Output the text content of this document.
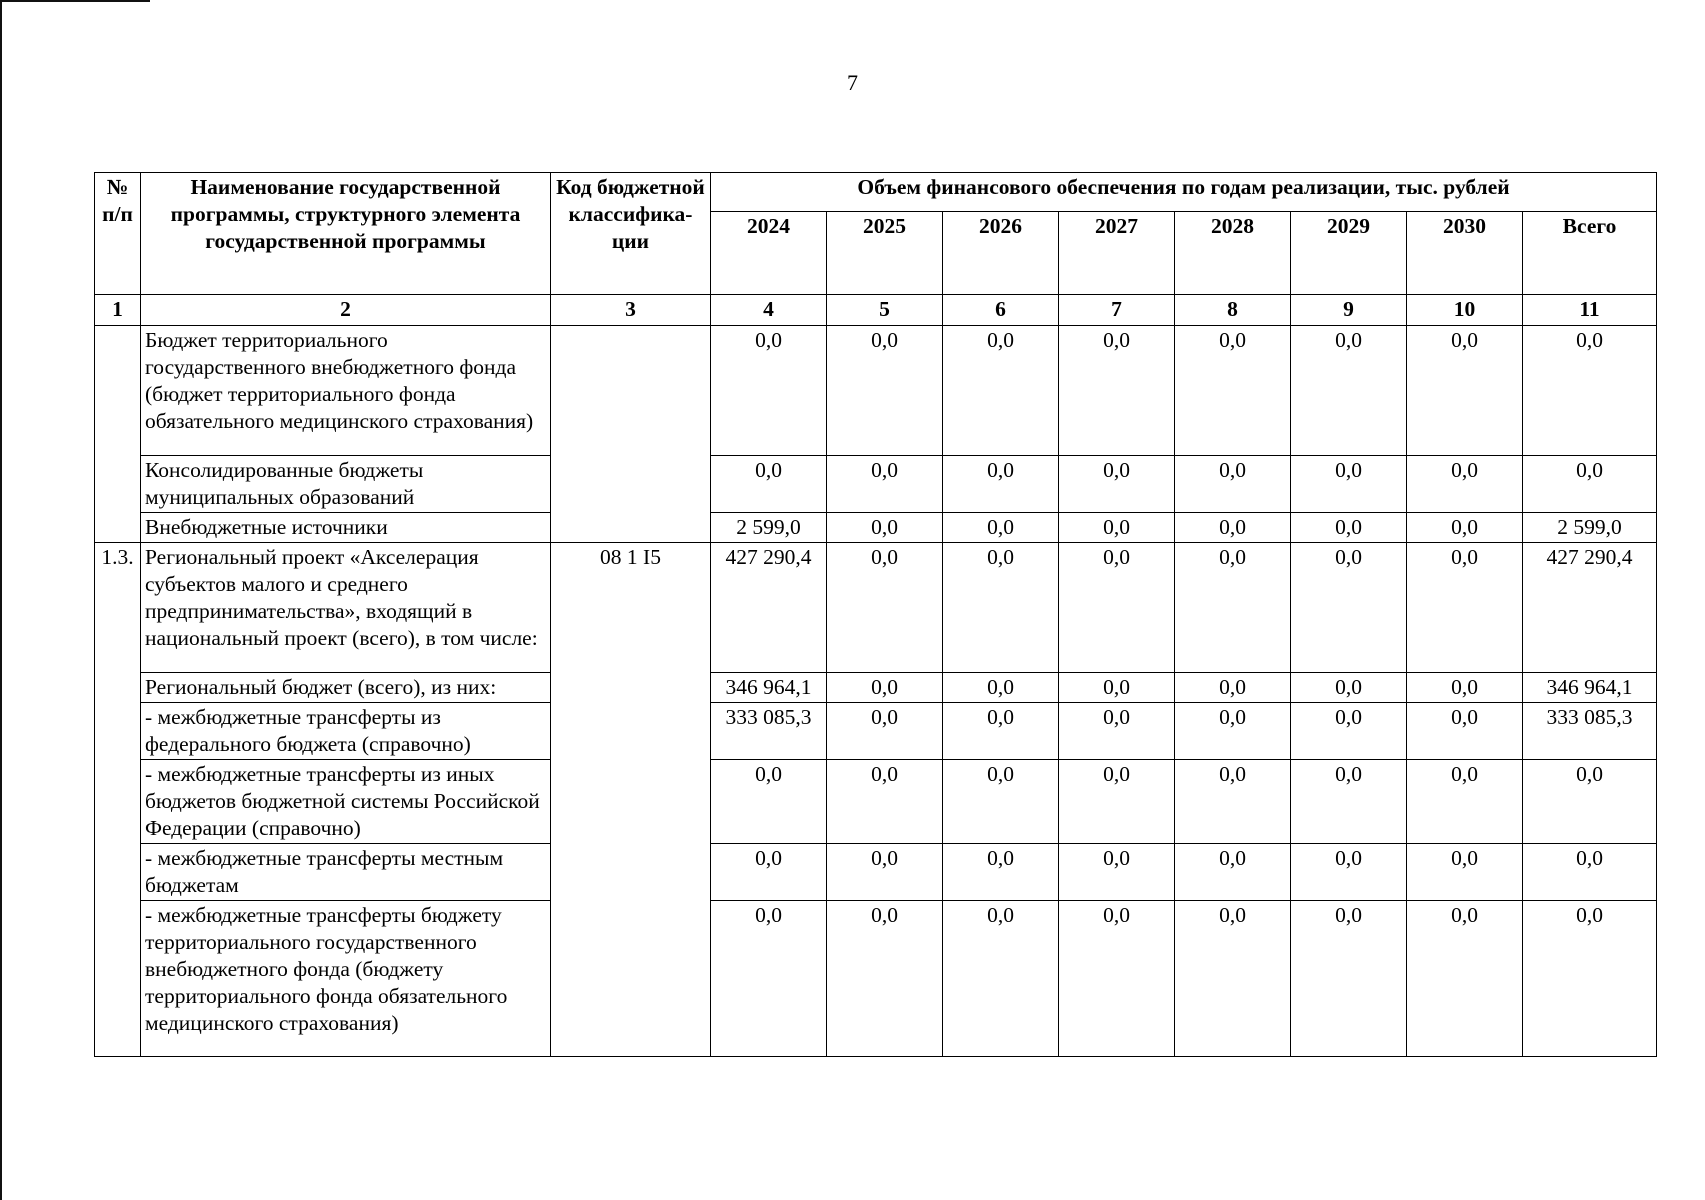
7
№ п/п	Наименование государственной программы, структурного элемента государственной программы	Код бюджетной классифика-ции	Объем финансового обеспечения по годам реализации, тыс. рублей							
			2024	2025	2026	2027	2028	2029	2030	Всего
1	2	3	4	5	6	7	8	9	10	11
	Бюджет территориального государственного внебюджетного фонда (бюджет территориального фонда обязательного медицинского страхования)		0,0	0,0	0,0	0,0	0,0	0,0	0,0	0,0
	Консолидированные бюджеты муниципальных образований		0,0	0,0	0,0	0,0	0,0	0,0	0,0	0,0
	Внебюджетные источники		2 599,0	0,0	0,0	0,0	0,0	0,0	0,0	2 599,0
1.3.	Региональный проект «Акселерация субъектов малого и среднего предпринимательства», входящий в национальный проект (всего), в том числе:	08 1 I5	427 290,4	0,0	0,0	0,0	0,0	0,0	0,0	427 290,4
	Региональный бюджет (всего), из них:		346 964,1	0,0	0,0	0,0	0,0	0,0	0,0	346 964,1
	- межбюджетные трансферты из федерального бюджета (справочно)		333 085,3	0,0	0,0	0,0	0,0	0,0	0,0	333 085,3
	- межбюджетные трансферты из иных бюджетов бюджетной системы Российской Федерации (справочно)		0,0	0,0	0,0	0,0	0,0	0,0	0,0	0,0
	- межбюджетные трансферты местным бюджетам		0,0	0,0	0,0	0,0	0,0	0,0	0,0	0,0
	- межбюджетные трансферты бюджету территориального государственного внебюджетного фонда (бюджету территориального фонда обязательного медицинского страхования)		0,0	0,0	0,0	0,0	0,0	0,0	0,0	0,0
